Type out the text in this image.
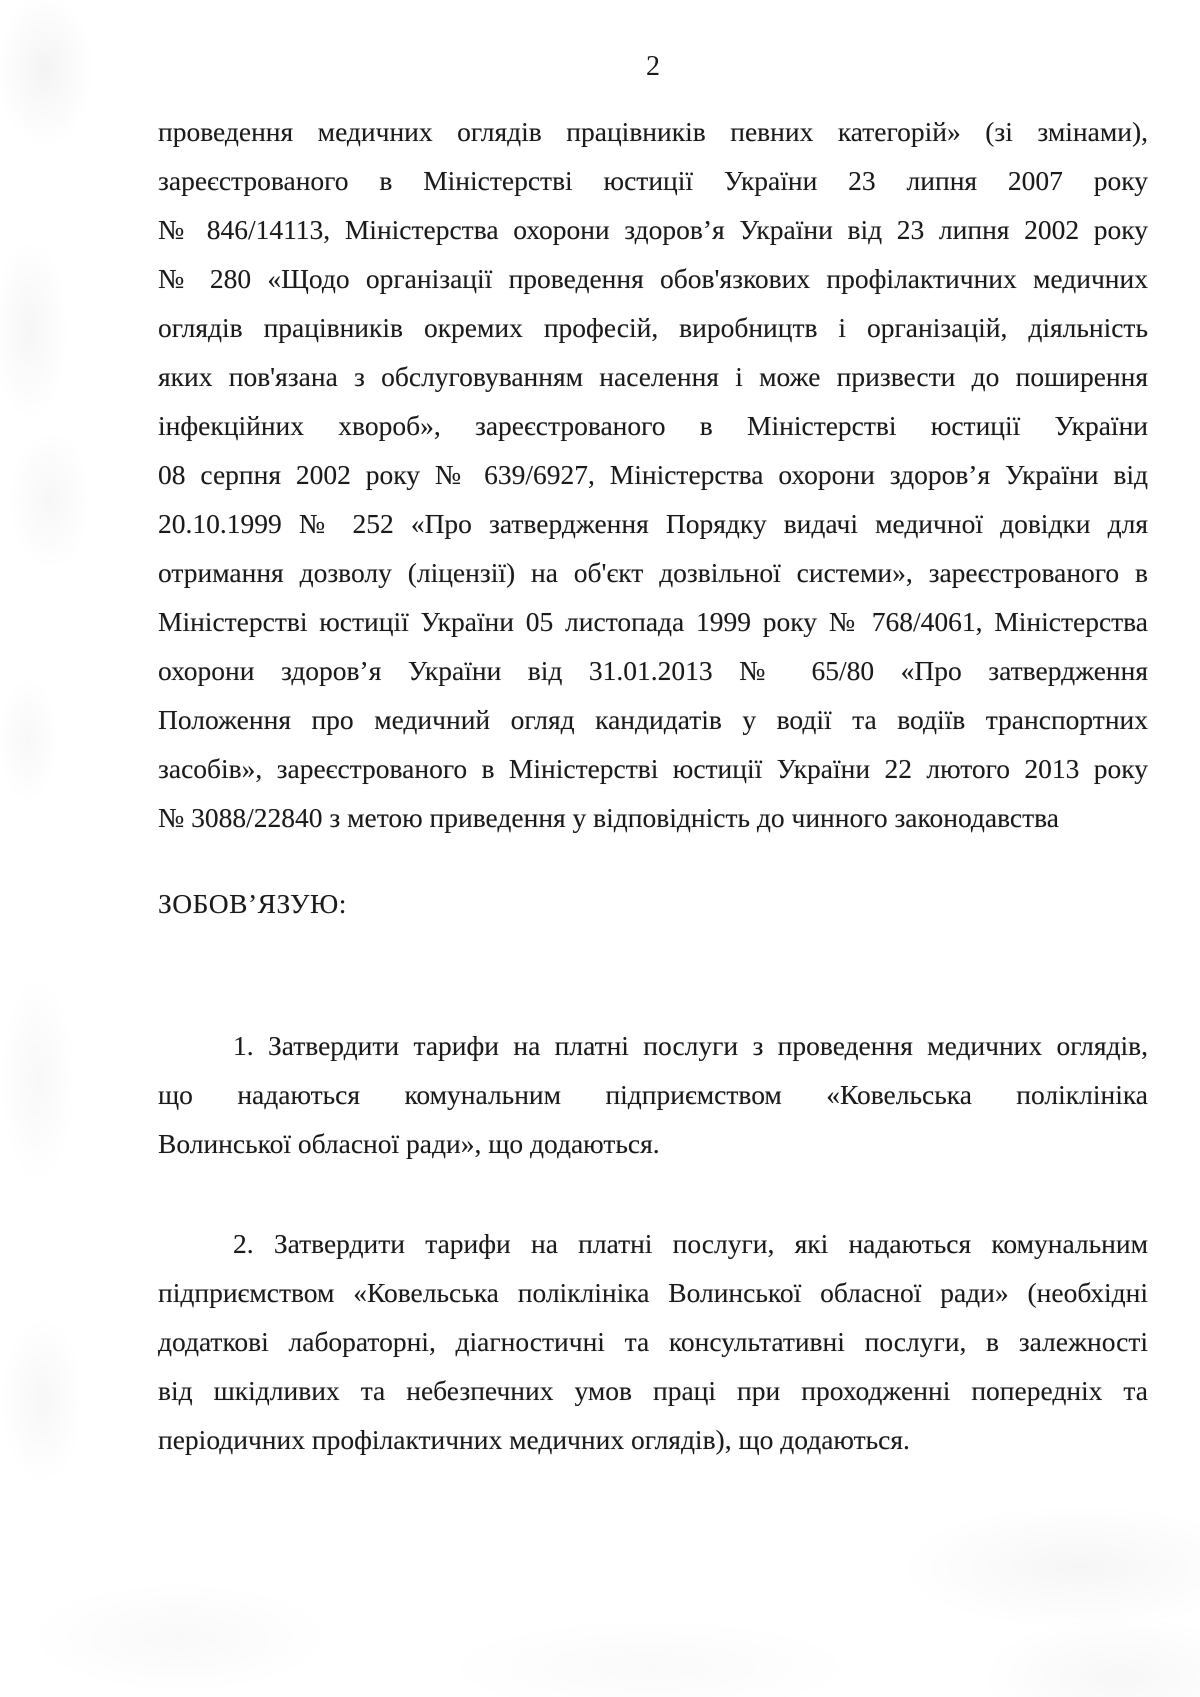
2
проведення медичних оглядів працівників певних категорій» (зі змінами),
зареєстрованого в Міністерстві юстиції України 23 липня 2007 року
№ 846/14113, Міністерства охорони здоров’я України від 23 липня 2002 року
№ 280 «Щодо організації проведення обов'язкових профілактичних медичних
оглядів працівників окремих професій, виробництв і організацій, діяльність
яких пов'язана з обслуговуванням населення і може призвести до поширення
інфекційних хвороб», зареєстрованого в Міністерстві юстиції України
08 серпня 2002 року № 639/6927, Міністерства охорони здоров’я України від
20.10.1999 № 252 «Про затвердження Порядку видачі медичної довідки для
отримання дозволу (ліцензії) на об'єкт дозвільної системи», зареєстрованого в
Міністерстві юстиції України 05 листопада 1999 року № 768/4061, Міністерства
охорони здоров’я України від 31.01.2013 № 65/80 «Про затвердження
Положення про медичний огляд кандидатів у водії та водіїв транспортних
засобів», зареєстрованого в Міністерстві юстиції України 22 лютого 2013 року
№ 3088/22840 з метою приведення у відповідність до чинного законодавства
ЗОБОВ’ЯЗУЮ:
1. Затвердити тарифи на платні послуги з проведення медичних оглядів,
що надаються комунальним підприємством «Ковельська поліклініка
Волинської обласної ради», що додаються.
2. Затвердити тарифи на платні послуги, які надаються комунальним
підприємством «Ковельська поліклініка Волинської обласної ради» (необхідні
додаткові лабораторні, діагностичні та консультативні послуги, в залежності
від шкідливих та небезпечних умов праці при проходженні попередніх та
періодичних профілактичних медичних оглядів), що додаються.
